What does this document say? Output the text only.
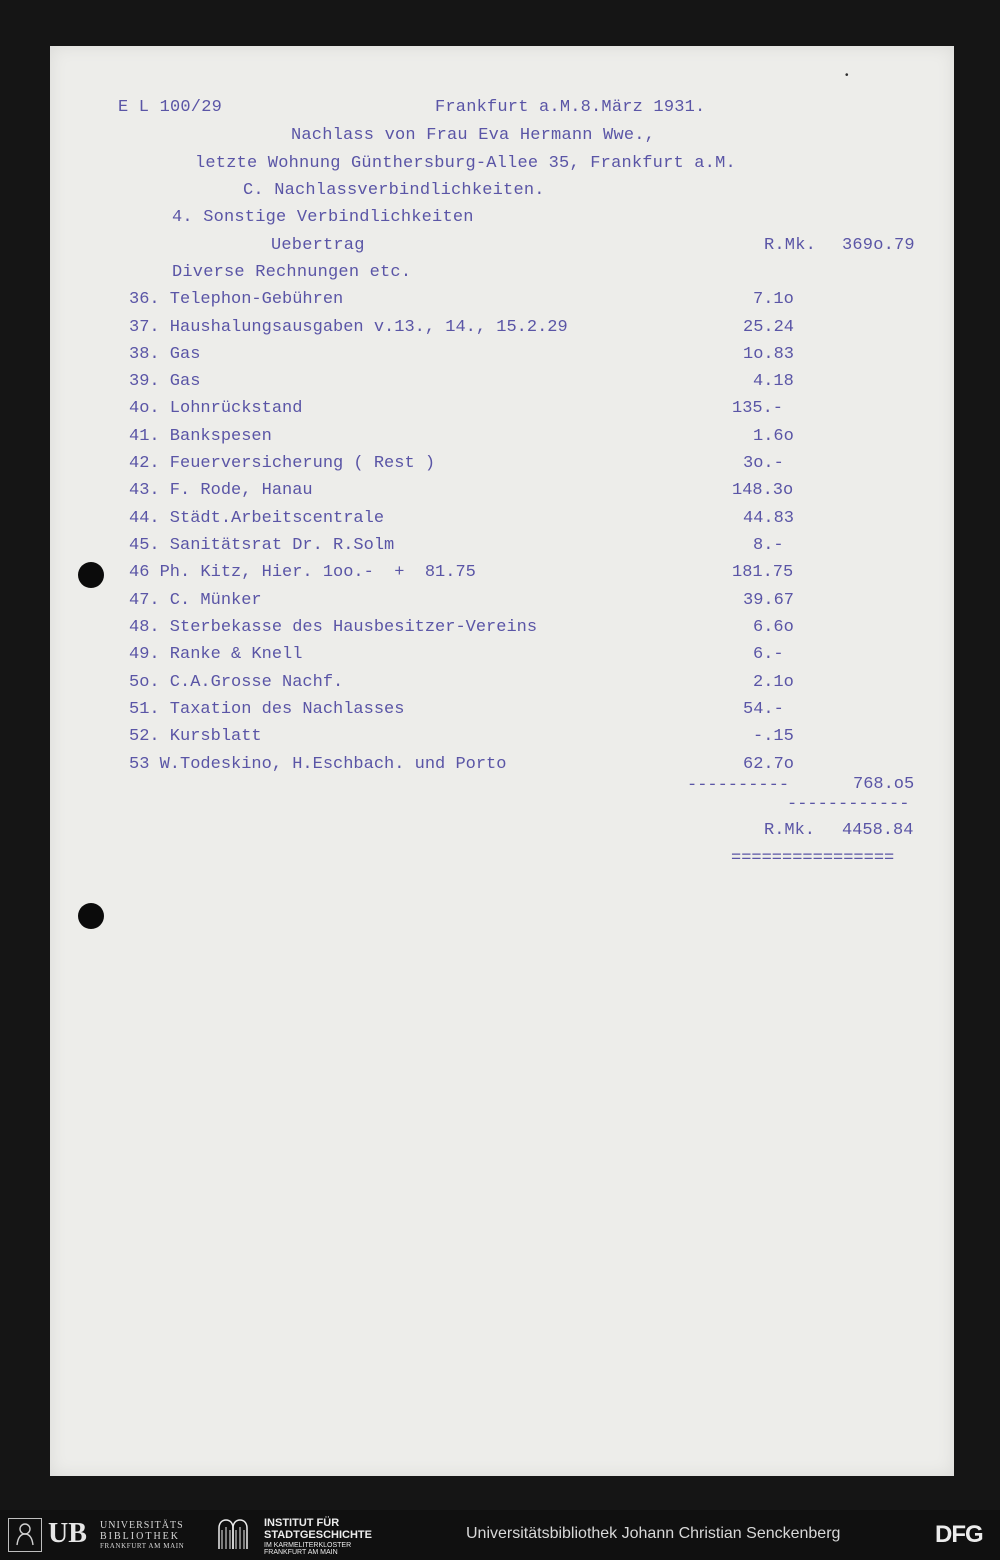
•
E L 100/29	Frankfurt a.M.8.März 1931.
Nachlass von Frau Eva Hermann Wwe.,
letzte Wohnung Günthersburg-Allee 35, Frankfurt a.M.
C. Nachlassverbindlichkeiten.
4. Sonstige Verbindlichkeiten
Uebertrag	R.Mk. 369o.79
Diverse Rechnungen etc.
36. Telephon-Gebühren	7.1o
37. Haushalungsausgaben v.13., 14., 15.2.29	25.24
38. Gas	1o.83
39. Gas	4.18
4o. Lohnrückstand	135.-
41. Bankspesen	1.6o
42. Feuerversicherung ( Rest )	3o.-
43. F. Rode, Hanau	148.3o
44. Städt.Arbeitscentrale	44.83
45. Sanitätsrat Dr. R.Solm	8.-
46 Ph. Kitz, Hier. 1oo.-  +  81.75	181.75
47. C. Münker	39.67
48. Sterbekasse des Hausbesitzer-Vereins	6.6o
49. Ranke & Knell	6.-
5o. C.A.Grosse Nachf.	2.1o
51. Taxation des Nachlasses	54.-
52. Kursblatt	-.15
53 W.Todeskino, H.Eschbach. und Porto	62.7o
----------	768.o5
------------
R.Mk. 4458.84
================
UB UNIVERSITÄTS
BIBLIOTHEK
FRANKFURT AM MAIN
INSTITUT FÜR
STADTGESCHICHTE
IM KARMELITERKLOSTER
FRANKFURT AM MAIN
Universitätsbibliothek Johann Christian Senckenberg	DFG
